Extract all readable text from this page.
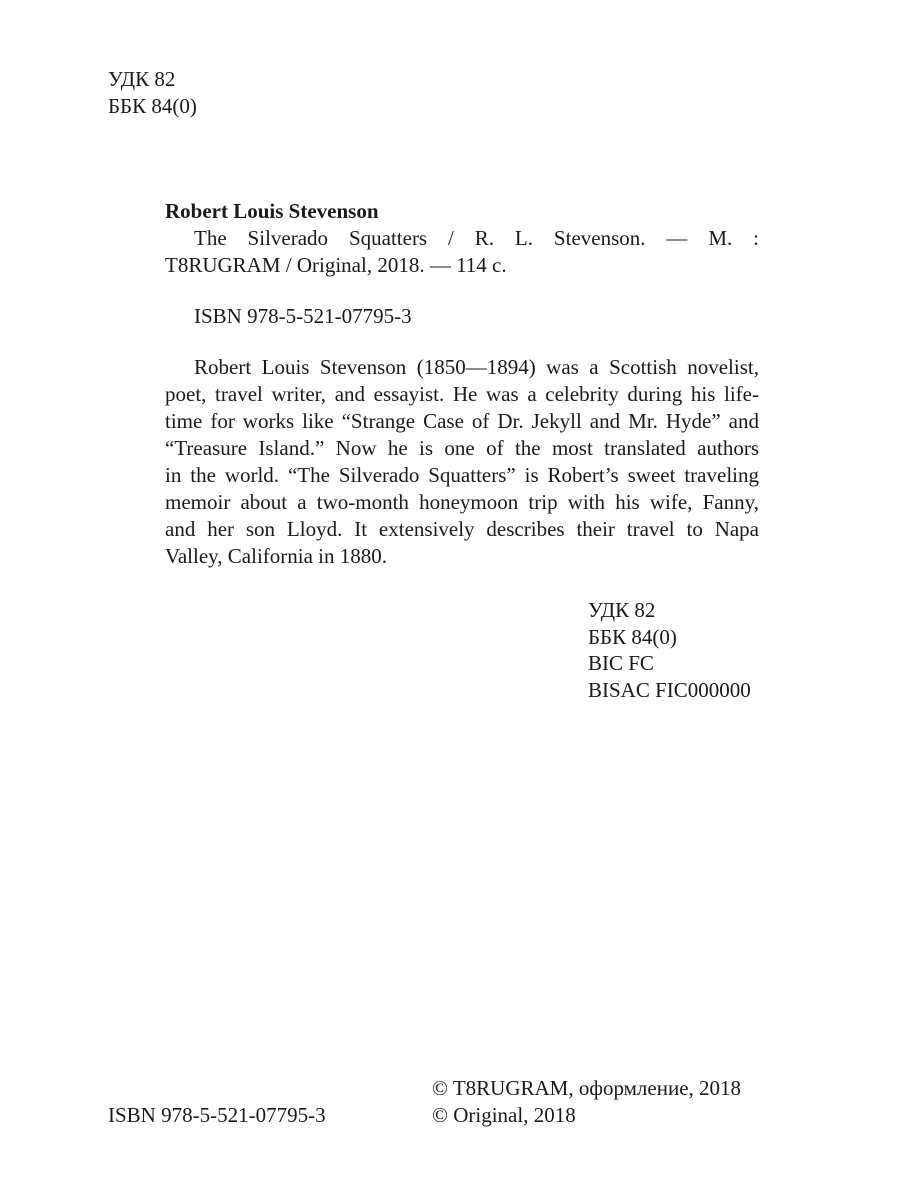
УДК 82
ББК 84(0)
Robert Louis Stevenson
The Silverado Squatters / R. L. Stevenson. — M. :
T8RUGRAM / Original, 2018. — 114 с.
ISBN 978-5-521-07795-3
Robert Louis Stevenson (1850—1894) was a Scottish novelist,
poet, travel writer, and essayist. He was a celebrity during his life-
time for works like “Strange Case of Dr. Jekyll and Mr. Hyde” and
“Treasure Island.” Now he is one of the most translated authors
in the world. “The Silverado Squatters” is Robert’s sweet traveling
memoir about a two-month honeymoon trip with his wife, Fanny,
and her son Lloyd. It extensively describes their travel to Napa
Valley, California in 1880.
УДК 82
ББК 84(0)
BIC FC
BISAC FIC000000
© T8RUGRAM, оформление, 2018
© Original, 2018
ISBN 978-5-521-07795-3
